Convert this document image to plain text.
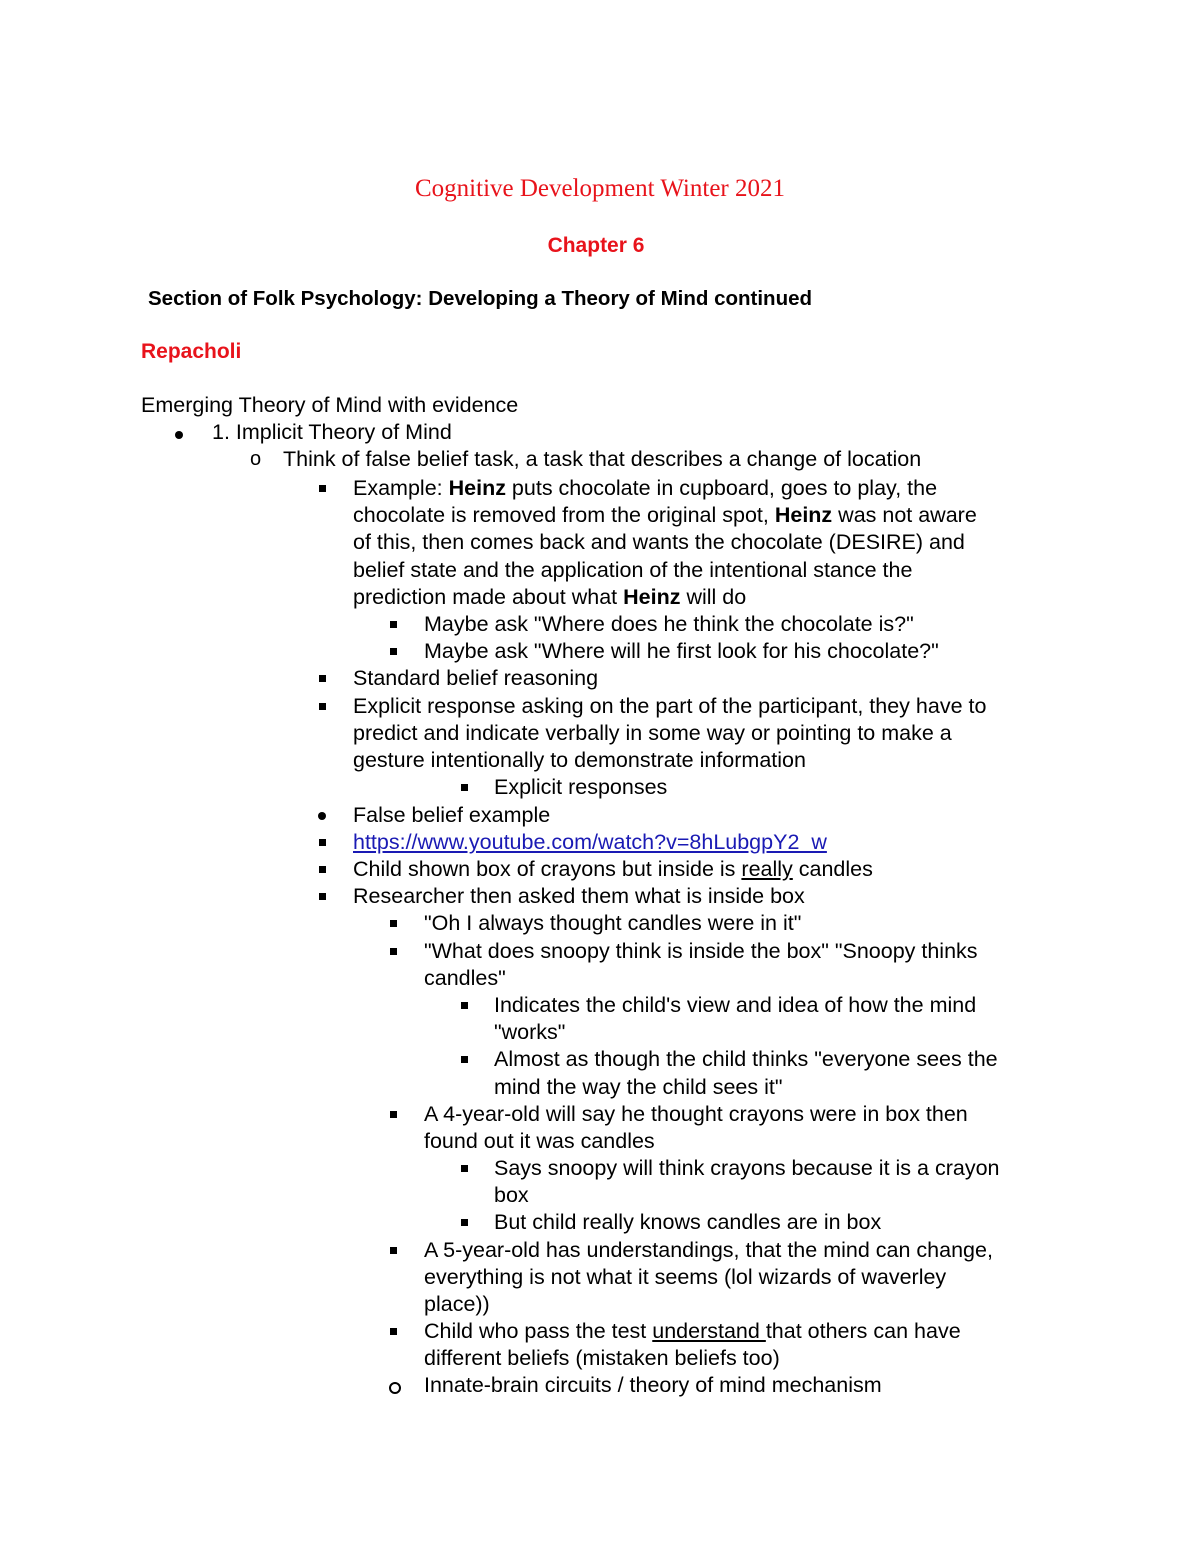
Cognitive Development Winter 2021
Chapter 6
Section of Folk Psychology: Developing a Theory of Mind continued
Repacholi
Emerging Theory of Mind with evidence
1. Implicit Theory of Mind
o Think of false belief task, a task that describes a change of location
Example: Heinz puts chocolate in cupboard, goes to play, the
chocolate is removed from the original spot, Heinz was not aware
of this, then comes back and wants the chocolate (DESIRE) and
belief state and the application of the intentional stance the
prediction made about what Heinz will do
Maybe ask "Where does he think the chocolate is?"
Maybe ask "Where will he first look for his chocolate?"
Standard belief reasoning
Explicit response asking on the part of the participant, they have to
predict and indicate verbally in some way or pointing to make a
gesture intentionally to demonstrate information
Explicit responses
False belief example
https://www.youtube.com/watch?v=8hLubgpY2_w
Child shown box of crayons but inside is really candles
Researcher then asked them what is inside box
"Oh I always thought candles were in it"
"What does snoopy think is inside the box" "Snoopy thinks
candles"
Indicates the child's view and idea of how the mind
"works"
Almost as though the child thinks "everyone sees the
mind the way the child sees it"
A 4-year-old will say he thought crayons were in box then
found out it was candles
Says snoopy will think crayons because it is a crayon
box
But child really knows candles are in box
A 5-year-old has understandings, that the mind can change,
everything is not what it seems (lol wizards of waverley
place))
Child who pass the test understand that others can have
different beliefs (mistaken beliefs too)
Innate-brain circuits / theory of mind mechanism
